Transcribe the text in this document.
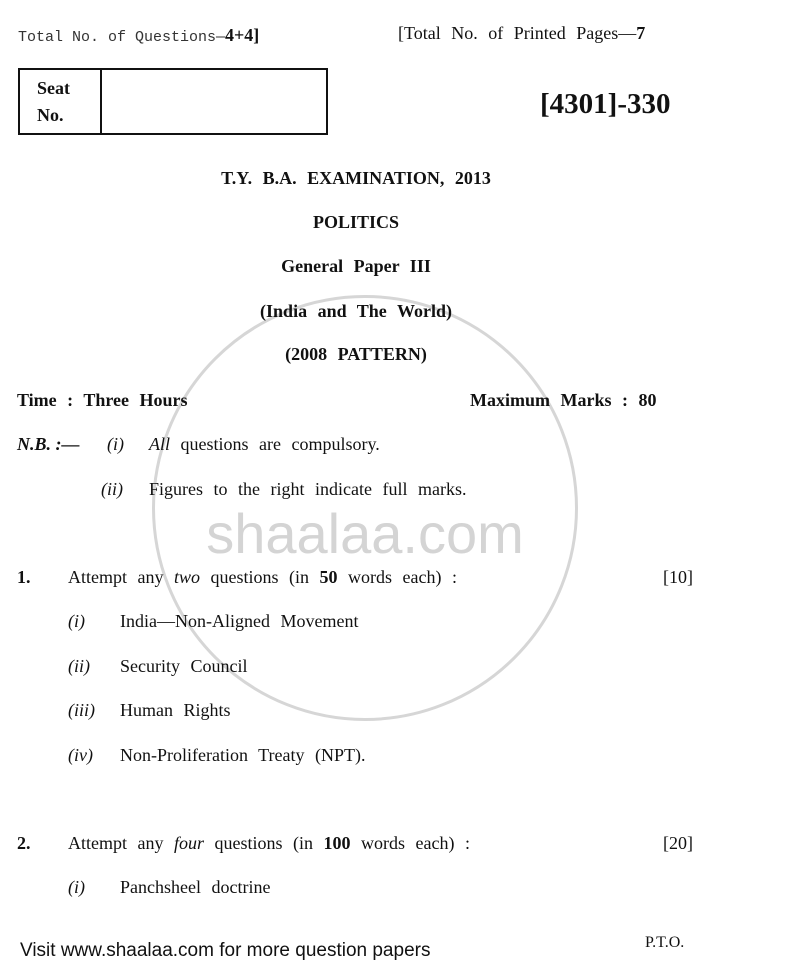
shaalaa.com
Total No. of Questions—4+4]	[Total No. of Printed Pages—7
Seat
No.	[4301]-330
T.Y. B.A. EXAMINATION, 2013
POLITICS
General Paper III
(India and The World)
(2008 PATTERN)
Time : Three Hours	Maximum Marks : 80
N.B. :— (i) All questions are compulsory.
(ii) Figures to the right indicate full marks.
1. Attempt any two questions (in 50 words each) :	[10]
(i) India—Non-Aligned Movement
(ii) Security Council
(iii) Human Rights
(iv) Non-Proliferation Treaty (NPT).
2. Attempt any four questions (in 100 words each) :	[20]
(i) Panchsheel doctrine
Visit www.shaalaa.com for more question papers	P.T.O.
